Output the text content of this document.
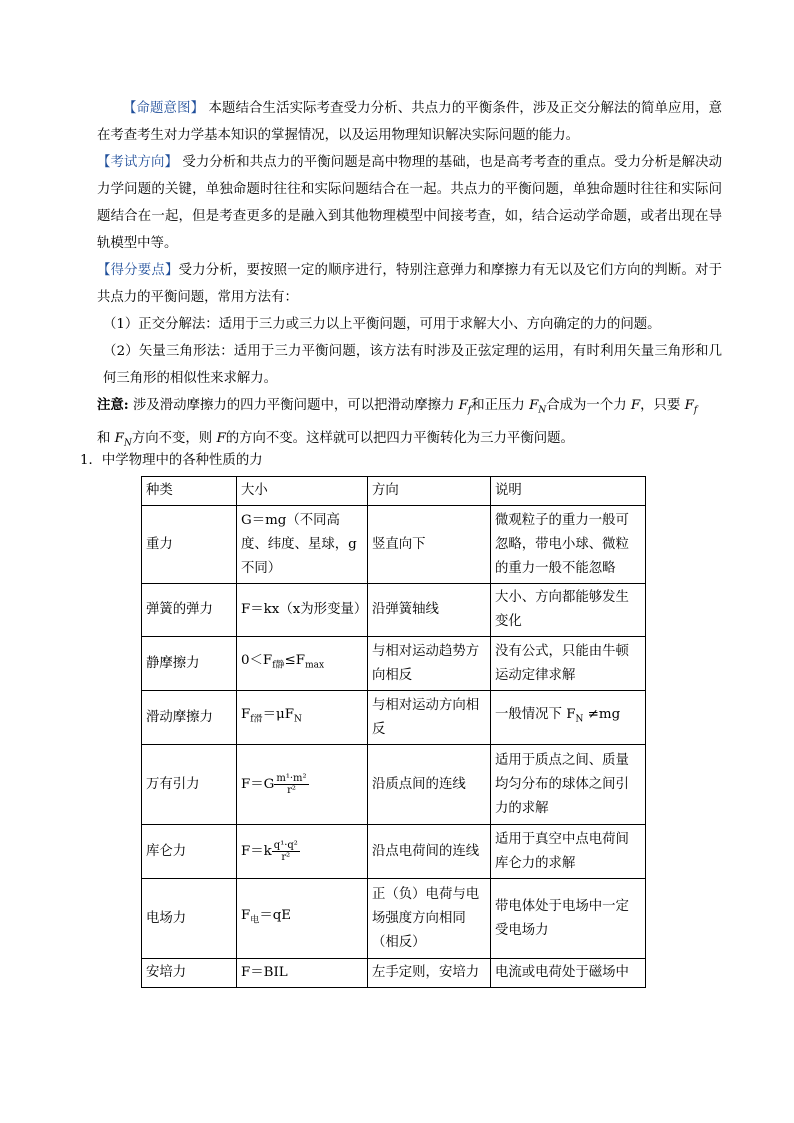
【命题意图】 本题结合生活实际考查受力分析、共点力的平衡条件，涉及正交分解法的简单应用，意在考查考生对力学基本知识的掌握情况，以及运用物理知识解决实际问题的能力。

【考试方向】 受力分析和共点力的平衡问题是高中物理的基础，也是高考考查的重点。受力分析是解决动力学问题的关键，单独命题时往往和实际问题结合在一起。共点力的平衡问题，单独命题时往往和实际问题结合在一起，但是考查更多的是融入到其他物理模型中间接考查，如，结合运动学命题，或者出现在导轨模型中等。

【得分要点】受力分析，要按照一定的顺序进行，特别注意弹力和摩擦力有无以及它们方向的判断。对于共点力的平衡问题，常用方法有：

（1）正交分解法：适用于三力或三力以上平衡问题，可用于求解大小、方向确定的力的问题。

（2）矢量三角形法：适用于三力平衡问题，该方法有时涉及正弦定理的运用，有时利用矢量三角形和几何三角形的相似性来求解力。

注意: 涉及滑动摩擦力的四力平衡问题中，可以把滑动摩擦力 $F_f$和正压力 $F_N$合成为一个力 F，只要 $F_f$
和 $F_N$方向不变，则 F的方向不变。这样就可以把四力平衡转化为三力平衡问题。

1．中学物理中的各种性质的力

种类	大小	方向	说明
重力	G＝mg（不同高度、纬度、星球，g 不同）	竖直向下	微观粒子的重力一般可忽略，带电小球、微粒的重力一般不能忽略
弹簧的弹力	F＝kx（x为形变量）	沿弹簧轴线	大小、方向都能够发生变化
静摩擦力	$0<F_{f静}\le F_{max}$	与相对运动趋势方向相反	没有公式，只能由牛顿运动定律求解
滑动摩擦力	$F_{f滑}=\mu F_N$	与相对运动方向相反	一般情况下 $F_N \ne mg$
万有引力	$F=G \frac{\text{m¹·m²}}{\text{r²}}$	沿质点间的连线	适用于质点之间、质量均匀分布的球体之间引力的求解
库仑力	$F=k \frac{\text{q¹·q²}}{\text{r²}}$	沿点电荷间的连线	适用于真空中点电荷间库仑力的求解
电场力	$F_电=qE$	正（负）电荷与电场强度方向相同（相反）	带电体处于电场中一定受电场力
安培力	F＝BIL	左手定则，安培力	电流或电荷处于磁场中
